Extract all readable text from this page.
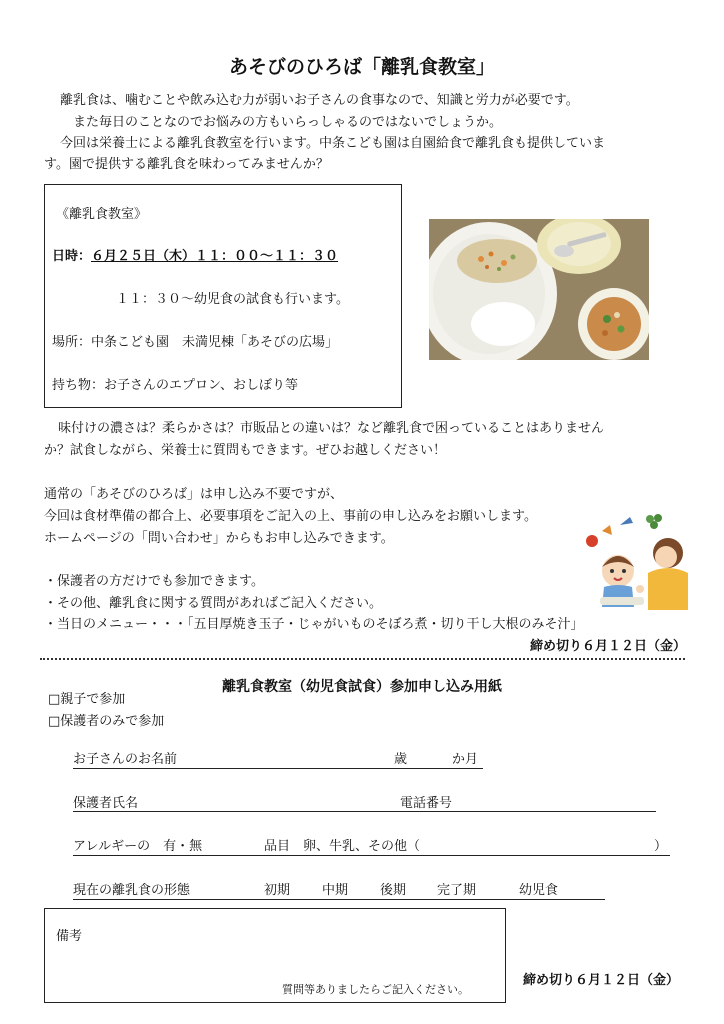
あそびのひろば「離乳食教室」
離乳食は、噛むことや飲み込む力が弱いお子さんの食事なので、知識と労力が必要です。
また毎日のことなのでお悩みの方もいらっしゃるのではないでしょうか。
今回は栄養士による離乳食教室を行います。中条こども園は自園給食で離乳食も提供していま
す。園で提供する離乳食を味わってみませんか？
《離乳食教室》
日時：６月２５日（木）１１：００～１１：３０
１１：３０～幼児食の試食も行います。
場所：中条こども園　未満児棟「あそびの広場」
持ち物：お子さんのエプロン、おしぼり等
味付けの濃さは？柔らかさは？市販品との違いは？など離乳食で困っていることはありません
か？試食しながら、栄養士に質問もできます。ぜひお越しください！
通常の「あそびのひろば」は申し込み不要ですが、
今回は食材準備の都合上、必要事項をご記入の上、事前の申し込みをお願いします。
ホームページの「問い合わせ」からもお申し込みできます。
・保護者の方だけでも参加できます。
・その他、離乳食に関する質問があればご記入ください。
・当日のメニュー・・・「五目厚焼き玉子・じゃがいものそぼろ煮・切り干し大根のみそ汁」
締め切り６月１２日（金）
離乳食教室（幼児食試食）参加申し込み用紙
□親子で参加
□保護者のみで参加
お子さんのお名前	歳	か月
保護者氏名	電話番号
アレルギーの　有・無	品目　卵、牛乳、その他（	）
現在の離乳食の形態	初期 中期 後期 完了期	幼児食
備考
質問等ありましたらご記入ください。
締め切り６月１２日（金）
